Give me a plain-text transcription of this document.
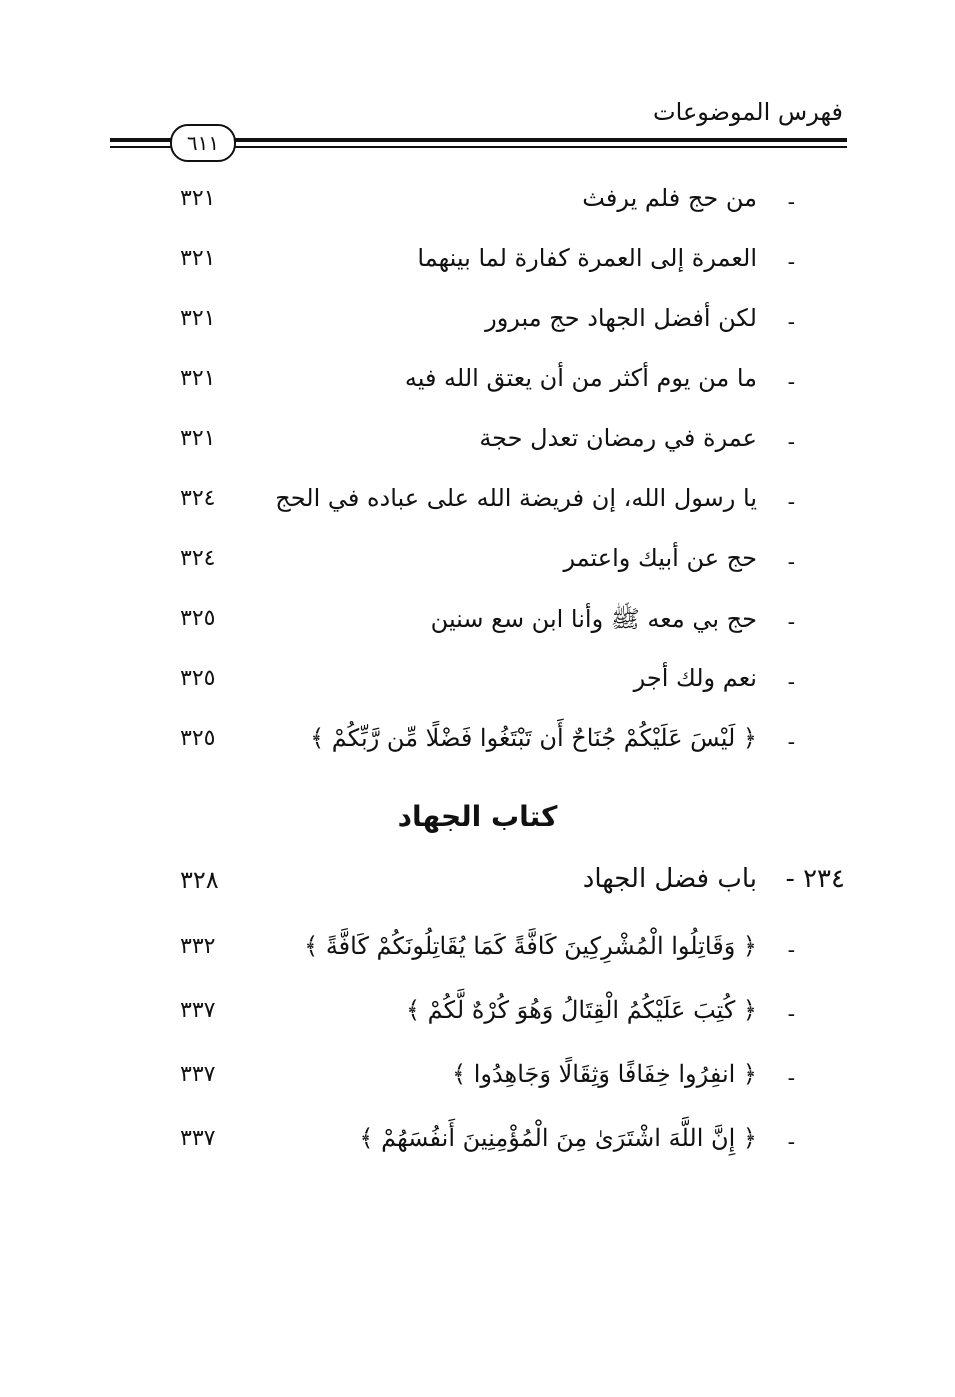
فهرس الموضوعات
٦١١
-
من حج فلم يرفث
٣٢١
-
العمرة إلى العمرة كفارة لما بينهما
٣٢١
-
لكن أفضل الجهاد حج مبرور
٣٢١
-
ما من يوم أكثر من أن يعتق الله فيه
٣٢١
-
عمرة في رمضان تعدل حجة
٣٢١
-
يا رسول الله، إن فريضة الله على عباده في الحج
٣٢٤
-
حج عن أبيك واعتمر
٣٢٤
-
حج بي معه ﷺ وأنا ابن سع سنين
٣٢٥
-
نعم ولك أجر
٣٢٥
-
﴿ لَيْسَ عَلَيْكُمْ جُنَاحٌ أَن تَبْتَغُوا فَضْلًا مِّن رَّبِّكُمْ ﴾
٣٢٥
كتاب الجهاد
٢٣٤ -
باب فضل الجهاد
٣٢٨
-
﴿ وَقَاتِلُوا الْمُشْرِكِينَ كَافَّةً كَمَا يُقَاتِلُونَكُمْ كَافَّةً ﴾
٣٣٢
-
﴿ كُتِبَ عَلَيْكُمُ الْقِتَالُ وَهُوَ كُرْهٌ لَّكُمْ ﴾
٣٣٧
-
﴿ انفِرُوا خِفَافًا وَثِقَالًا وَجَاهِدُوا ﴾
٣٣٧
-
﴿ إِنَّ اللَّهَ اشْتَرَىٰ مِنَ الْمُؤْمِنِينَ أَنفُسَهُمْ ﴾
٣٣٧
